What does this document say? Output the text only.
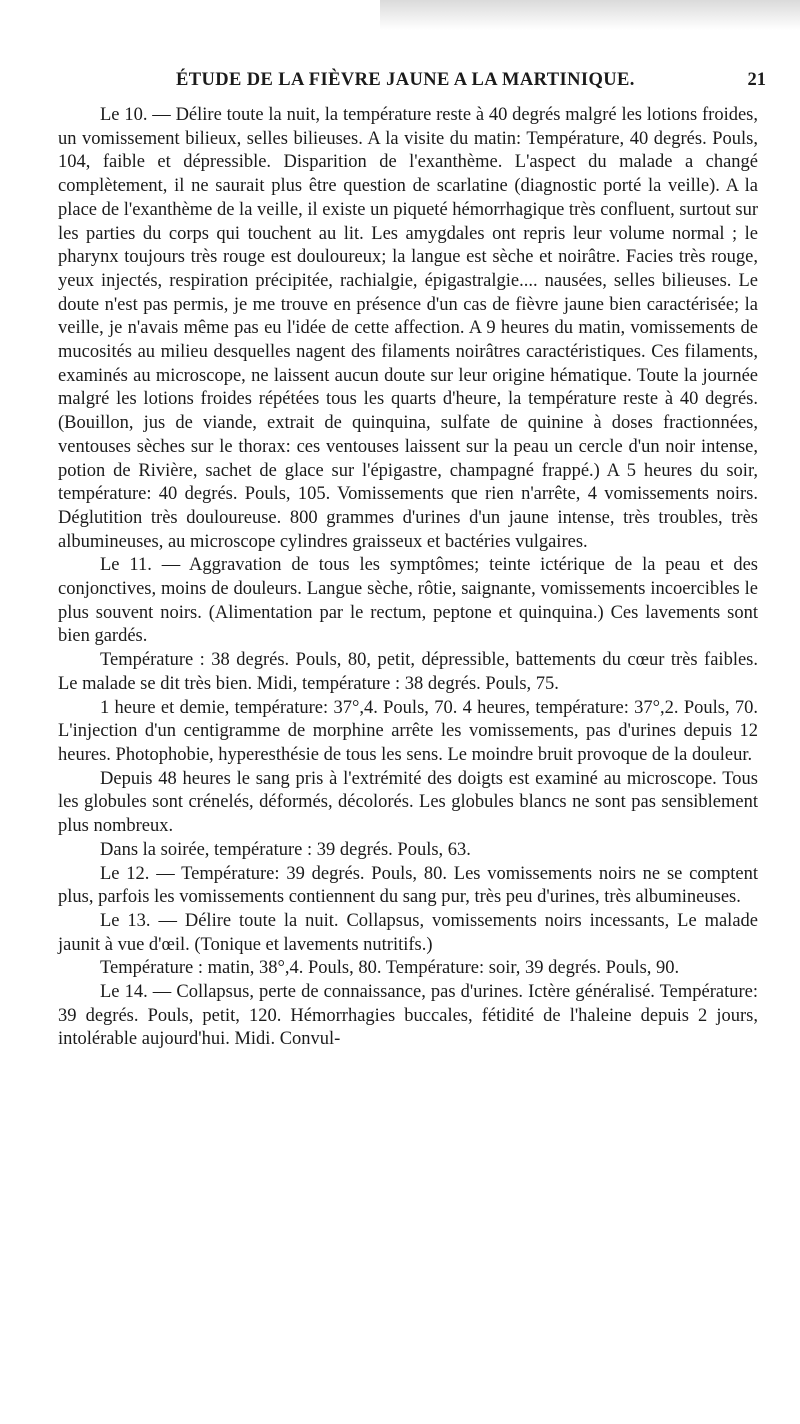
ÉTUDE DE LA FIÈVRE JAUNE A LA MARTINIQUE.	21

Le 10. — Délire toute la nuit, la température reste à 40 degrés malgré les lotions froides, un vomissement bilieux, selles bilieuses. A la visite du matin: Température, 40 degrés. Pouls, 104, faible et dépressible. Disparition de l'exanthème. L'aspect du malade a changé complètement, il ne saurait plus être question de scarlatine (diagnostic porté la veille). A la place de l'exanthème de la veille, il existe un piqueté hémorrhagique très confluent, surtout sur les parties du corps qui touchent au lit. Les amygdales ont repris leur volume normal ; le pharynx toujours très rouge est douloureux; la langue est sèche et noirâtre. Facies très rouge, yeux injectés, respiration précipitée, rachialgie, épigastralgie.... nausées, selles bilieuses. Le doute n'est pas permis, je me trouve en présence d'un cas de fièvre jaune bien caractérisée; la veille, je n'avais même pas eu l'idée de cette affection. A 9 heures du matin, vomissements de mucosités au milieu desquelles nagent des filaments noirâtres caractéristiques. Ces filaments, examinés au microscope, ne laissent aucun doute sur leur origine hématique. Toute la journée malgré les lotions froides répétées tous les quarts d'heure, la température reste à 40 degrés. (Bouillon, jus de viande, extrait de quinquina, sulfate de quinine à doses fractionnées, ventouses sèches sur le thorax: ces ventouses laissent sur la peau un cercle d'un noir intense, potion de Rivière, sachet de glace sur l'épigastre, champagné frappé.) A 5 heures du soir, température: 40 degrés. Pouls, 105. Vomissements que rien n'arrête, 4 vomissements noirs. Déglutition très douloureuse. 800 grammes d'urines d'un jaune intense, très troubles, très albumineuses, au microscope cylindres graisseux et bactéries vulgaires.

Le 11. — Aggravation de tous les symptômes; teinte ictérique de la peau et des conjonctives, moins de douleurs. Langue sèche, rôtie, saignante, vomissements incoercibles le plus souvent noirs. (Alimentation par le rectum, peptone et quinquina.) Ces lavements sont bien gardés.

Température : 38 degrés. Pouls, 80, petit, dépressible, battements du cœur très faibles. Le malade se dit très bien. Midi, température : 38 degrés. Pouls, 75.

1 heure et demie, température: 37°,4. Pouls, 70. 4 heures, température: 37°,2. Pouls, 70. L'injection d'un centigramme de morphine arrête les vomissements, pas d'urines depuis 12 heures. Photophobie, hyperesthésie de tous les sens. Le moindre bruit provoque de la douleur.

Depuis 48 heures le sang pris à l'extrémité des doigts est examiné au microscope. Tous les globules sont crénelés, déformés, décolorés. Les globules blancs ne sont pas sensiblement plus nombreux.

Dans la soirée, température : 39 degrés. Pouls, 63.

Le 12. — Température: 39 degrés. Pouls, 80. Les vomissements noirs ne se comptent plus, parfois les vomissements contiennent du sang pur, très peu d'urines, très albumineuses.

Le 13. — Délire toute la nuit. Collapsus, vomissements noirs incessants, Le malade jaunit à vue d'œil. (Tonique et lavements nutritifs.)

Température : matin, 38°,4. Pouls, 80. Température: soir, 39 degrés. Pouls, 90.

Le 14. — Collapsus, perte de connaissance, pas d'urines. Ictère généralisé. Température: 39 degrés. Pouls, petit, 120. Hémorrhagies buccales, fétidité de l'haleine depuis 2 jours, intolérable aujourd'hui. Midi. Convul-
